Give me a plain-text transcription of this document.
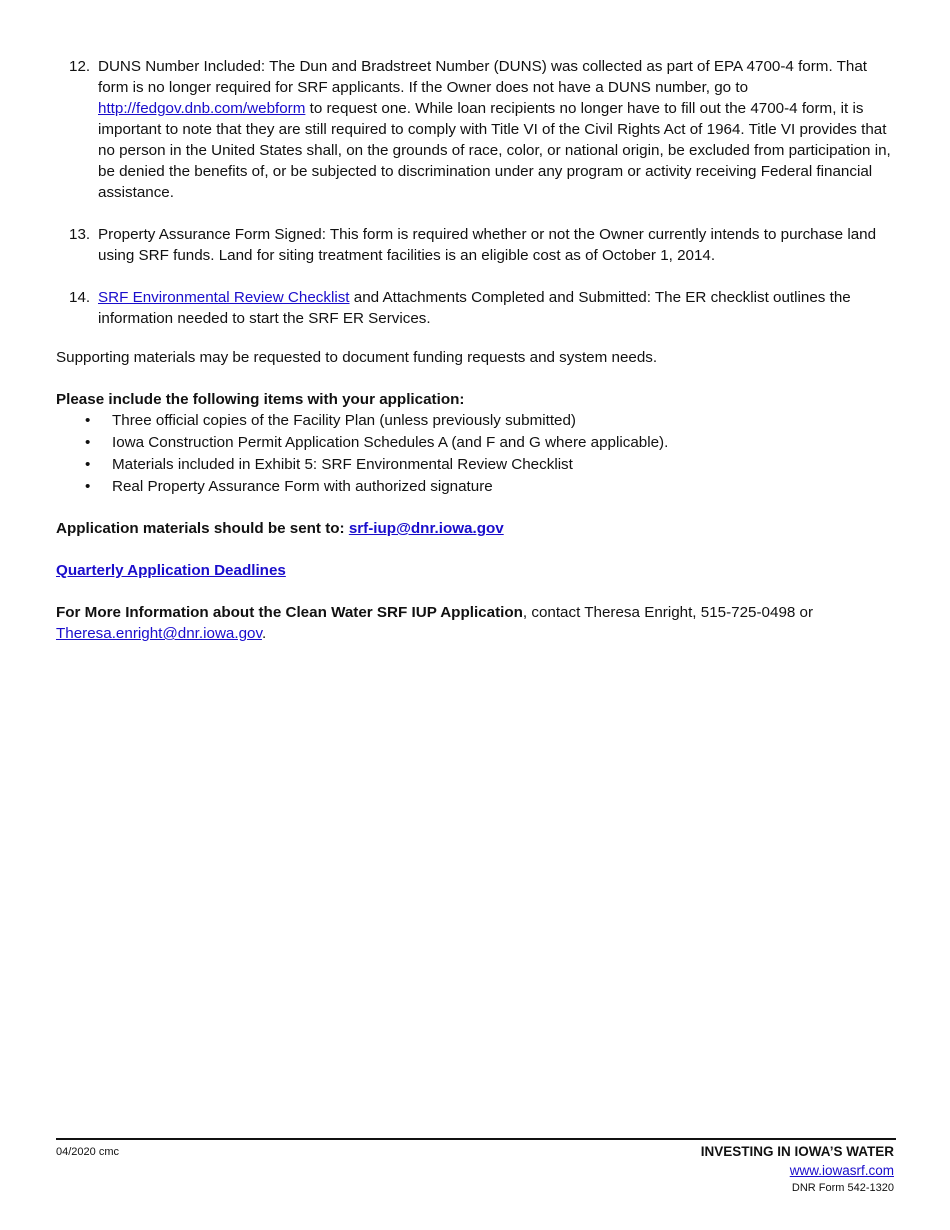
12. DUNS Number Included: The Dun and Bradstreet Number (DUNS) was collected as part of EPA 4700-4 form. That form is no longer required for SRF applicants. If the Owner does not have a DUNS number, go to http://fedgov.dnb.com/webform to request one. While loan recipients no longer have to fill out the 4700-4 form, it is important to note that they are still required to comply with Title VI of the Civil Rights Act of 1964. Title VI provides that no person in the United States shall, on the grounds of race, color, or national origin, be excluded from participation in, be denied the benefits of, or be subjected to discrimination under any program or activity receiving Federal financial assistance.
13. Property Assurance Form Signed: This form is required whether or not the Owner currently intends to purchase land using SRF funds. Land for siting treatment facilities is an eligible cost as of October 1, 2014.
14. SRF Environmental Review Checklist and Attachments Completed and Submitted: The ER checklist outlines the information needed to start the SRF ER Services.

Supporting materials may be requested to document funding requests and system needs.

Please include the following items with your application:

• Three official copies of the Facility Plan (unless previously submitted)
• Iowa Construction Permit Application Schedules A (and F and G where applicable).
• Materials included in Exhibit 5: SRF Environmental Review Checklist
• Real Property Assurance Form with authorized signature

Application materials should be sent to: srf-iup@dnr.iowa.gov

Quarterly Application Deadlines

For More Information about the Clean Water SRF IUP Application, contact Theresa Enright, 515-725-0498 or
Theresa.enright@dnr.iowa.gov.

04/2020 cmc	INVESTING IN IOWA’S WATER
www.iowasrf.com
DNR Form 542-1320
